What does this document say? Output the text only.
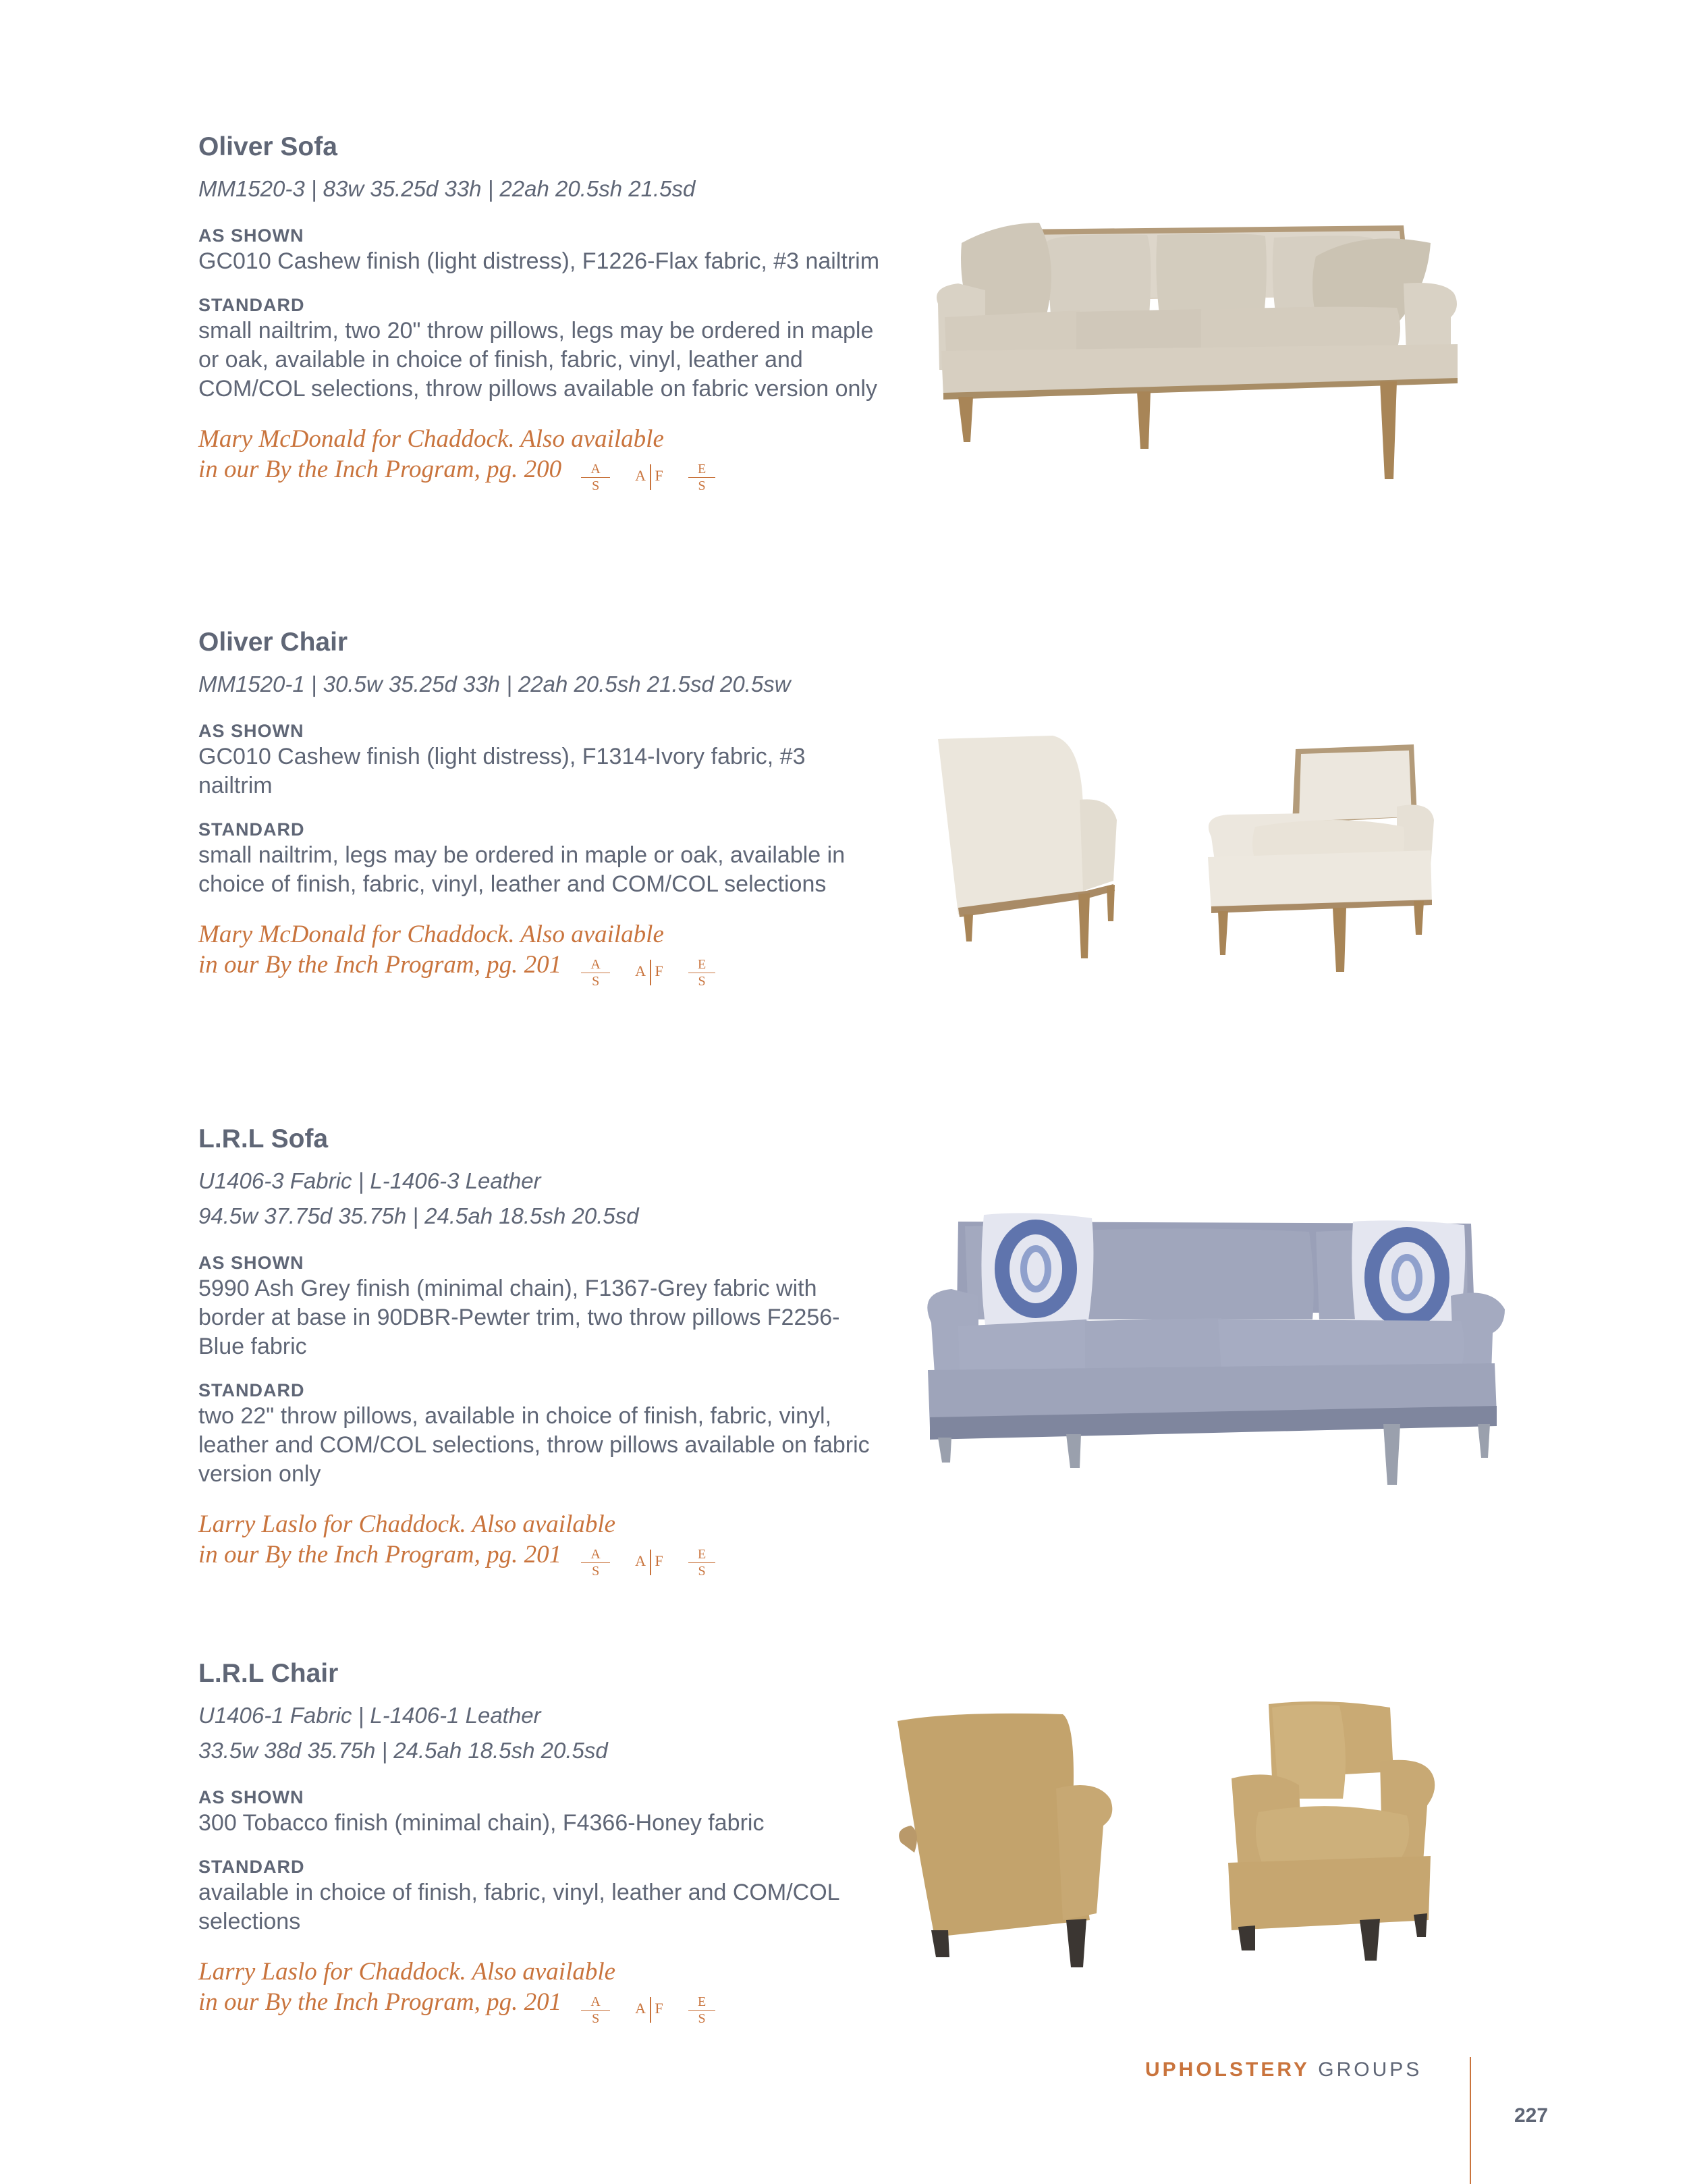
Oliver Sofa
MM1520-3 | 83w 35.25d 33h | 22ah 20.5sh 21.5sd
AS SHOWN
GC010 Cashew finish (light distress), F1226-Flax fabric, #3 nailtrim
STANDARD
small nailtrim, two 20" throw pillows, legs may be ordered in maple or oak, available in choice of finish, fabric, vinyl, leather and COM/COL selections, throw pillows available on fabric version only
Mary McDonald for Chaddock. Also available
in our By the Inch Program, pg. $200 \frac{A}{S}$ A F $\frac{E}{S}$
Oliver Chair
MM1520-1 | 30.5w 35.25d 33h | 22ah 20.5sh 21.5sd 20.5sw
AS SHOWN
GC010 Cashew finish (light distress), F1314-Ivory fabric, #3 nailtrim
STANDARD
small nailtrim, legs may be ordered in maple or oak, available in choice of finish, fabric, vinyl, leather and COM/COL selections
Mary McDonald for Chaddock. Also available
in our By the Inch Program, pg. $201 \frac{A}{S}$ A F $\frac{E}{S}$
L.R.L Sofa
U1406-3 Fabric | L-1406-3 Leather
94.5w 37.75d 35.75h | 24.5ah 18.5sh 20.5sd
AS SHOWN
5990 Ash Grey finish (minimal chain), F1367-Grey fabric with border at base in 90DBR-Pewter trim, two throw pillows F2256-Blue fabric
STANDARD
two 22" throw pillows, available in choice of finish, fabric, vinyl, leather and COM/COL selections, throw pillows available on fabric version only
Larry Laslo for Chaddock. Also available
in our By the Inch Program, pg. $201 \frac{A}{S}$ A F $\frac{E}{S}$
L.R.L Chair
U1406-1 Fabric | L-1406-1 Leather
33.5w 38d 35.75h | 24.5ah 18.5sh 20.5sd
AS SHOWN
300 Tobacco finish (minimal chain), F4366-Honey fabric
STANDARD
available in choice of finish, fabric, vinyl, leather and COM/COL selections
Larry Laslo for Chaddock. Also available
in our By the Inch Program, pg. $201 \frac{A}{S}$ A F $\frac{E}{S}$
UPHOLSTERY GROUPS
227
